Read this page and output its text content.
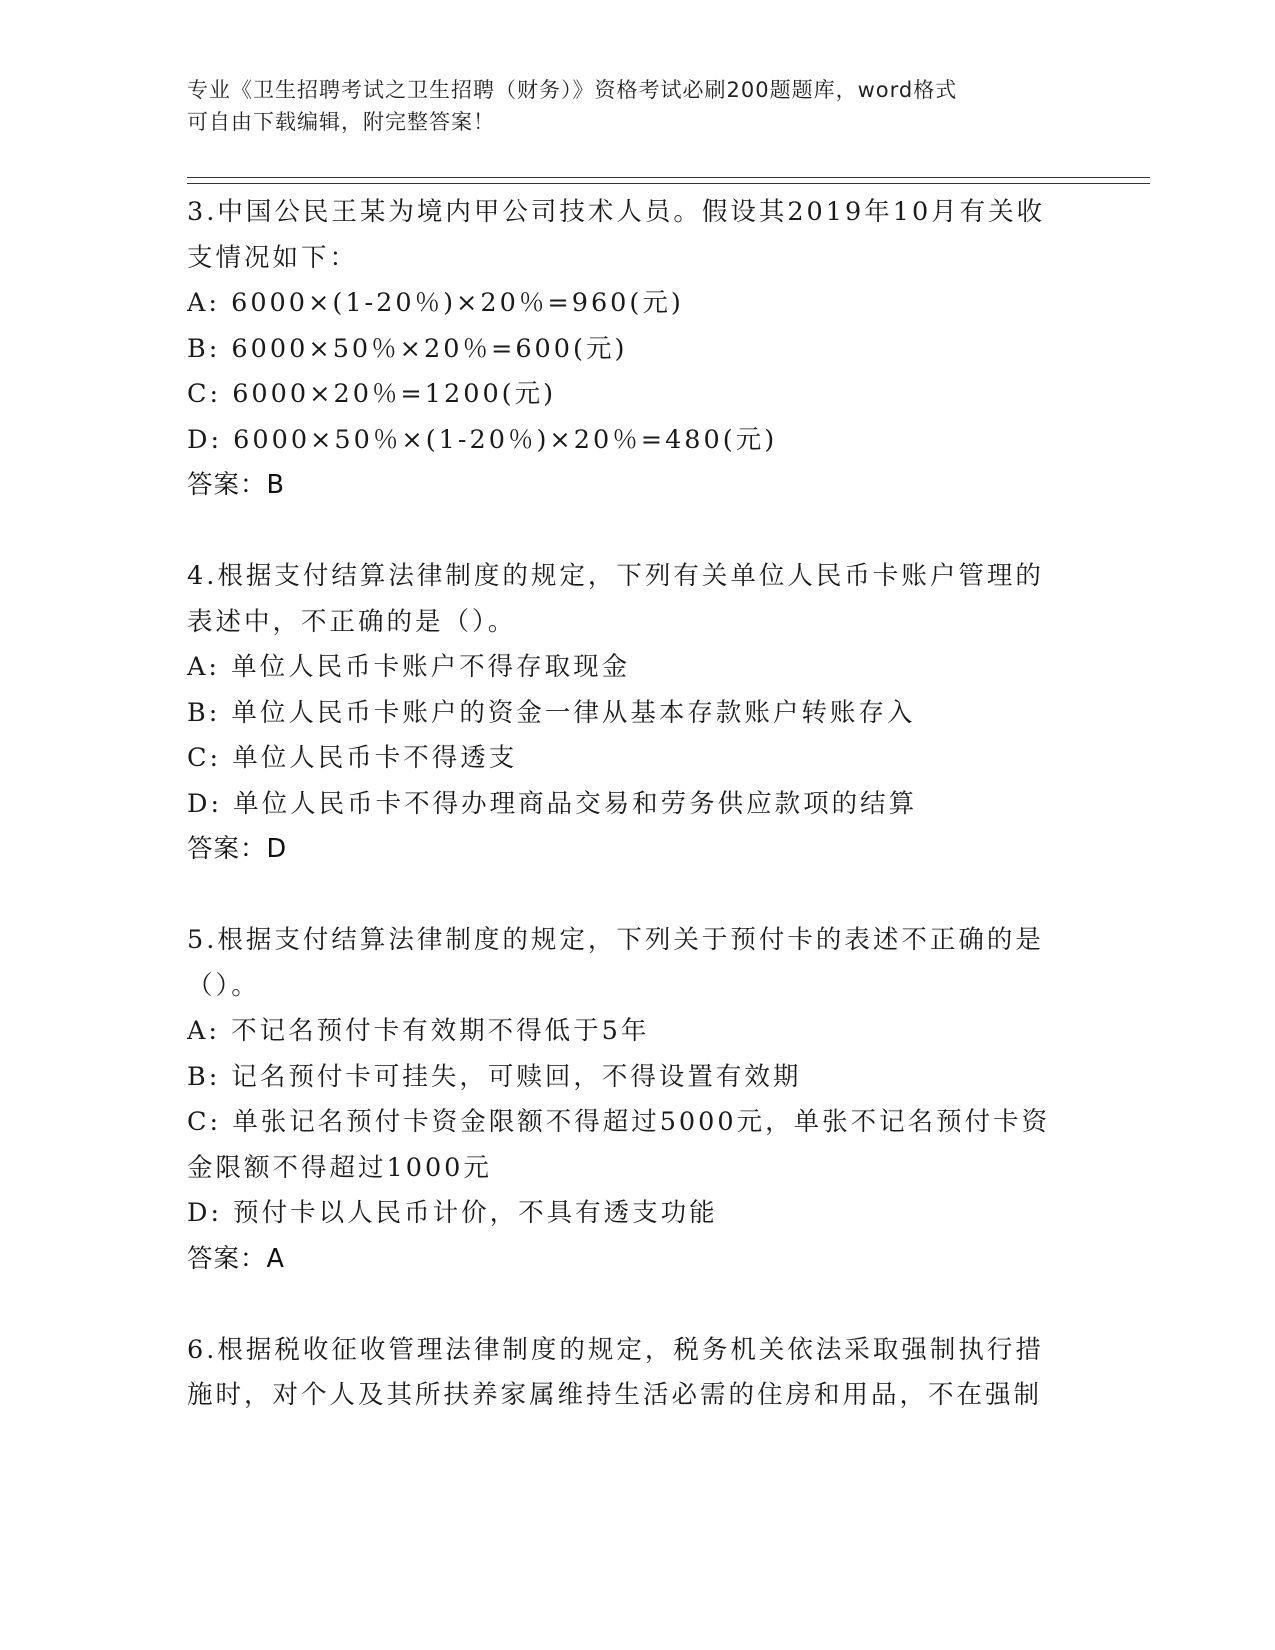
专业《卫生招聘考试之卫生招聘（财务）》资格考试必刷200题题库，word格式
可自由下载编辑，附完整答案！
3.中国公民王某为境内甲公司技术人员。假设其2019年10月有关收
支情况如下：
A: 6000×(1-20％)×20％=960(元)
B: 6000×50％×20％=600(元)
C: 6000×20％=1200(元)
D: 6000×50％×(1-20％)×20％=480(元)
答案：B
4.根据支付结算法律制度的规定，下列有关单位人民币卡账户管理的
表述中，不正确的是（）。
A: 单位人民币卡账户不得存取现金
B: 单位人民币卡账户的资金一律从基本存款账户转账存入
C: 单位人民币卡不得透支
D: 单位人民币卡不得办理商品交易和劳务供应款项的结算
答案：D
5.根据支付结算法律制度的规定，下列关于预付卡的表述不正确的是
（）。
A: 不记名预付卡有效期不得低于5年
B: 记名预付卡可挂失，可赎回，不得设置有效期
C: 单张记名预付卡资金限额不得超过5000元，单张不记名预付卡资
金限额不得超过1000元
D: 预付卡以人民币计价，不具有透支功能
答案：A
6.根据税收征收管理法律制度的规定，税务机关依法采取强制执行措
施时，对个人及其所扶养家属维持生活必需的住房和用品，不在强制
